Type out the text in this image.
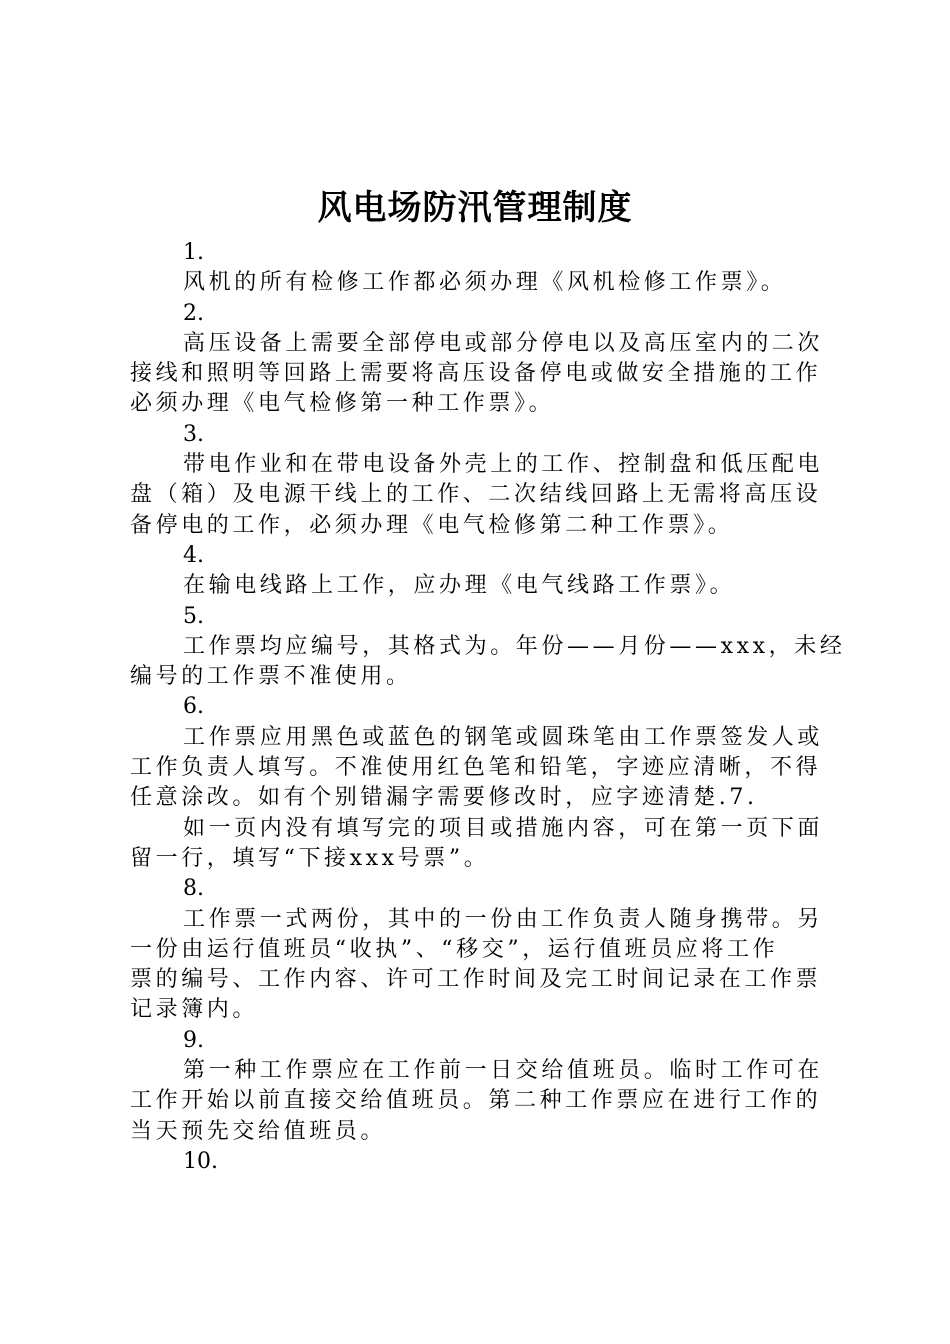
风电场防汛管理制度
1.
风机的所有检修工作都必须办理《风机检修工作票》。
2.
高压设备上需要全部停电或部分停电以及高压室内的二次
接线和照明等回路上需要将高压设备停电或做安全措施的工作
必须办理《电气检修第一种工作票》。
3.
带电作业和在带电设备外壳上的工作、控制盘和低压配电
盘（箱）及电源干线上的工作、二次结线回路上无需将高压设
备停电的工作，必须办理《电气检修第二种工作票》。
4.
在输电线路上工作，应办理《电气线路工作票》。
5.
工作票均应编号，其格式为。年份——月份——xxx，未经
编号的工作票不准使用。
6.
工作票应用黑色或蓝色的钢笔或圆珠笔由工作票签发人或
工作负责人填写。不准使用红色笔和铅笔，字迹应清晰，不得
任意涂改。如有个别错漏字需要修改时，应字迹清楚.7.
如一页内没有填写完的项目或措施内容，可在第一页下面
留一行，填写“下接xxx号票”。
8.
工作票一式两份，其中的一份由工作负责人随身携带。另
一份由运行值班员“收执”、“移交”，运行值班员应将工作
票的编号、工作内容、许可工作时间及完工时间记录在工作票
记录簿内。
9.
第一种工作票应在工作前一日交给值班员。临时工作可在
工作开始以前直接交给值班员。第二种工作票应在进行工作的
当天预先交给值班员。
10.
